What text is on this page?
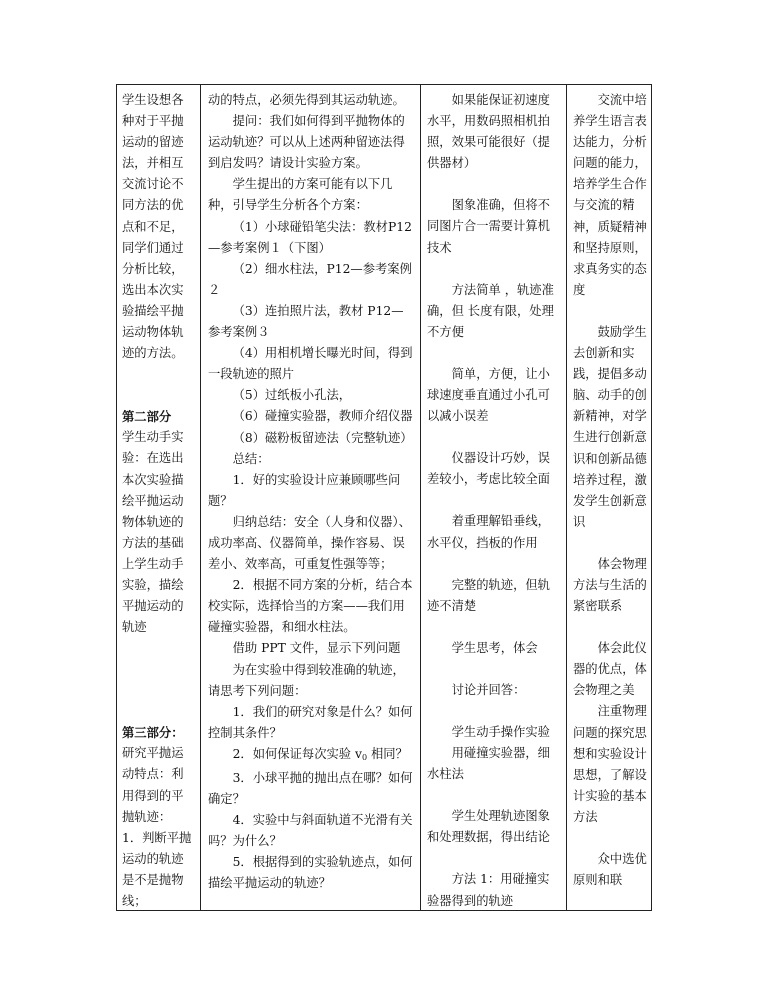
学生设想各种对于平抛运动的留迹法，并相互交流讨论不同方法的优点和不足，同学们通过分析比较，选出本次实验描绘平抛运动物体轨迹的方法。

第二部分

学生动手实验：在选出本次实验描绘平抛运动物体轨迹的方法的基础上学生动手实验，描绘平抛运动的轨迹

第三部分：

研究平抛运动特点：利用得到的平抛轨迹：

1．判断平抛运动的轨迹是不是抛物线；

动的特点，必须先得到其运动轨迹。

提问：我们如何得到平抛物体的运动轨迹？可以从上述两种留迹法得到启发吗？请设计实验方案。

学生提出的方案可能有以下几种，引导学生分析各个方案：

（1）小球碰铅笔尖法：教材P12—参考案例１（下图）

（2）细水柱法，P12—参考案例２

（3）连拍照片法，教材 P12—参考案例３

（4）用相机增长曝光时间，得到一段轨迹的照片

（5）过纸板小孔法，

（6）碰撞实验器，教师介绍仪器

（8）磁粉板留迹法（完整轨迹）

总结：

1．好的实验设计应兼顾哪些问题？

归纳总结：安全（人身和仪器）、成功率高、仪器简单，操作容易、误差小、效率高，可重复性强等等；

2．根据不同方案的分析，结合本校实际，选择恰当的方案——我们用碰撞实验器，和细水柱法。

借助 PPT 文件，显示下列问题

为在实验中得到较准确的轨迹，请思考下列问题：

1．我们的研究对象是什么？如何控制其条件？

2．如何保证每次实验 $v_0$ 相同？

3．小球平抛的抛出点在哪？如何确定？

4．实验中与斜面轨道不光滑有关吗？为什么？

5．根据得到的实验轨迹点，如何描绘平抛运动的轨迹？

如果能保证初速度水平，用数码照相机拍照，效果可能很好（提供器材）

图象准确，但将不同图片合一需要计算机技术

方法简单 ，轨迹准确，但 长度有限，处理不方便

简单，方便，让小球速度垂直通过小孔可以减小误差

仪器设计巧妙，误差较小，考虑比较全面

着重理解铅垂线，水平仪，挡板的作用

完整的轨迹，但轨迹不清楚

学生思考，体会

讨论并回答：

学生动手操作实验

用碰撞实验器，细水柱法

学生处理轨迹图象和处理数据，得出结论

方法 1：用碰撞实验器得到的轨迹

交流中培养学生语言表达能力，分析问题的能力，培养学生合作与交流的精神，质疑精神和坚持原则，求真务实的态度

鼓励学生去创新和实践，提倡多动脑、动手的创新精神，对学生进行创新意识和创新品德培养过程，激发学生创新意识

体会物理方法与生活的紧密联系

体会此仪器的优点，体会物理之美

注重物理问题的探究思想和实验设计思想，了解设计实验的基本方法

众中选优原则和联
